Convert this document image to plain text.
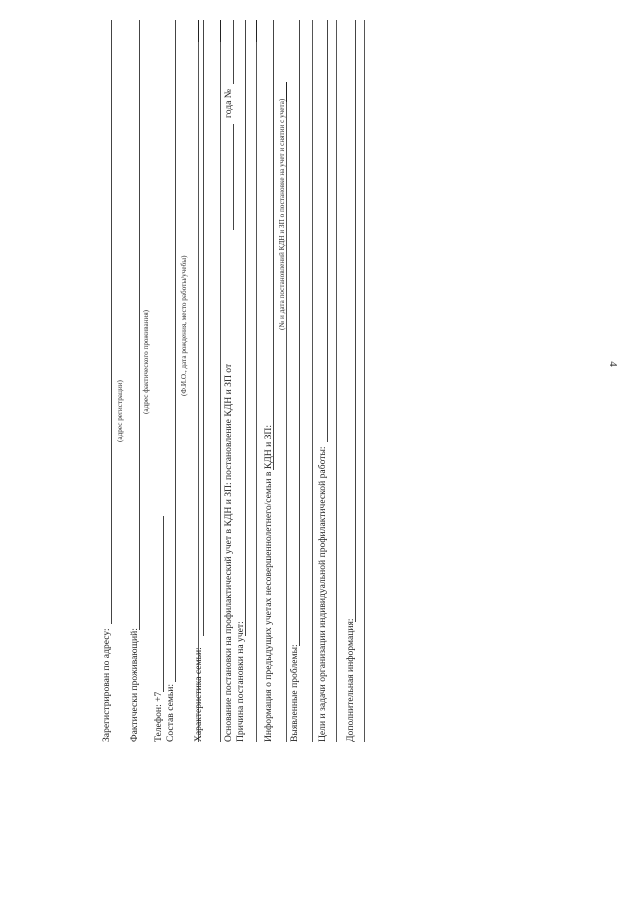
4
Зарегистрирован по адресу:
(адрес регистрации)
Фактически проживающий:
(адрес фактического проживания)
Телефон: +7 Состав семьи:
(Ф.И.О., дата рождения, место работы/учебы)
Характеристика семьи: Основание постановки на профилактический учет в КДН и ЗП: постановление КДН и ЗП от
года №
Причина постановки на учет: Информация о предыдущих учетах несовершеннолетнего/семьи в КДН и ЗП:
(№ и дата постановлений КДН и ЗП о постановке на учет и снятии с учета)
Выявленные проблемы: Цели и задачи организации индивидуальной профилактической работы: Дополнительная информация:
